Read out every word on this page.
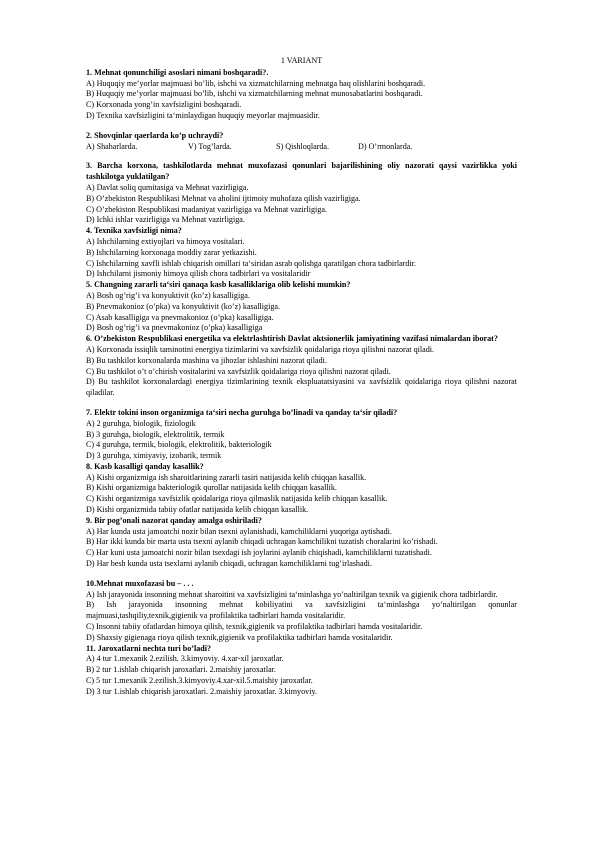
1 VARIANT

1. Mehnat qonunchiligi asoslari nimani boshqaradi?.
A) Huquqiy me’yorlar majmuasi bo’lib, ishchi va xizmatchilarning mehnatga haq olishlarini boshqaradi.
B) Huquqiy me’yorlar majmuasi bo’lib, ishchi va xizmatchilarning mehnat munosabatlarini boshqaradi.
C) Korxonada yong’in xavfsizligini boshqaradi.
D) Texnika xavfsizligini ta‘minlaydigan huquqiy meyorlar majmuasidir.
2. Shovqinlar qaerlarda ko’p uchraydi?
A) Shaharlarda.	V) Tog’larda.	S) Qishloqlarda.	D) O’rmonlarda.
3. Barcha korxona, tashkilotlarda mehnat muxofazasi qonunlari bajarilishining oliy nazorati qaysi vazirlikka yoki tashkilotga yuklatilgan?
A) Davlat soliq qumitasiga va Mehnat vazirligiga.
B) O’zbekiston Respublikasi Mehnat va aholini ijtimoiy muhofaza qilish vazirligiga.
C) O’zbekiston Respublikasi madaniyat vazirligiga va Mehnat vazirligiga.
D) Ichki ishlar vazirligiga va Mehnat vazirligiga.
4. Texnika xavfsizligi nima?
A) Ishchilarning extiyojlari va himoya vositalari.
B) Ishchilarning korxonaga moddiy zarar yetkazishi.
C) Ishchilarning xavfli ishlab chiqarish omillari ta‘siridan asrab qolishga qaratilgan chora tadbirlardir.
D) Ishchilarni jismoniy himoya qilish chora tadbirlari va vositalaridir
5. Changning zararli ta‘siri qanaqa kasb kasalliklariga olib kelishi mumkin?
A) Bosh og’rig’i va konyuktivit (ko’z) kasalligiga.
B) Pnevmakonioz (o’pka) va konyuktivit (ko’z) kasalligiga.
C) Asab kasalligiga va pnevmakonioz (o’pka) kasalligiga.
D) Bosh og’rig’i va pnevmakonioz (o’pka) kasalligiga
6. O’zbekiston Respublikasi energetika va elektrlashtirish Davlat aktsionerlik jamiyatining vazifasi nimalardan iborat?
A) Korxonada issiqlik taminotini energiya tizimlarini va xavfsizlik qoidalariga rioya qilishni nazorat qiladi.
B) Bu tashkilot korxonalarda mashina va jihozlar ishlashini nazorat qiladi.
C) Bu tashkilot o’t o’chirish vositalarini va xavfsizlik qoidalariga rioya qilishni nazorat qiladi.
D) Bu tashkilot korxonalardagi energiya tizimlarining texnik ekspluatatsiyasini va xavfsizlik qoidalariga rioya qilishni nazorat qiladilar.
7. Elektr tokini inson organizmiga ta‘siri necha guruhga bo’linadi va qanday ta‘sir qiladi?
A) 2 guruhga, biologik, fiziologik
B) 3 guruhga, biologik, elektrolitik, termik
C) 4 guruhga, termik, biologik, elektrolitik, bakteriologik
D) 3 guruhga, ximiyaviy, izobarik, termik
8. Kasb kasalligi qanday kasallik?
A) Kishi organizmiga ish sharoitlarining zararli tasiri natijasida kelib chiqqan kasallik.
B) Kishi organizmiga bakteriologik qurollar natijasida kelib chiqqan kasallik.
C) Kishi organizmiga xavfsizlik qoidalariga rioya qilmaslik natijasida kelib chiqqan kasallik.
D) Kishi organizmida tabiiy ofatlar natijasida kelib chiqqan kasallik.
9. Bir pog’onali nazorat qanday amalga oshiriladi?
A) Har kunda usta jamoatchi nozir bilan tsexni aylanishadi, kamchiliklarni yuqoriga aytishadi.
B) Har ikki kunda bir marta usta tsexni aylanib chiqadi uchragan kamchilikni tuzatish choralarini ko’rishadi.
C) Har kuni usta jamoatchi nozir bilan tsexdagi ish joylarini aylanib chiqishadi, kamchiliklarni tuzatishadi.
D) Har besh kunda usta tsexlarni aylanib chiqadi, uchragan kamchiliklarni tug’irlashadi.
10.Mehnat muxofazasi bu – . . .
A) Ish jarayonida insonning mehnat sharoitini va xavfsizligini ta‘minlashga yo’naltirilgan texnik va gigienik chora tadbirlardir.
B) Ish jarayonida insonning mehnat kobiliyatini va xavfsizligini ta‘minlashga yo’naltirilgan qonunlar majmuasi,tashqiliy,texnik,gigienik va profilaktika tadbirlari hamda vositalaridir.
C) Insonni tabiiy ofatlardan himoya qilish, texnik,gigienik va profilaktika tadbirlari hamda vositalaridir.
D) Shaxsiy gigienaga rioya qilish texnik,gigienik va profilaktika tadbirlari hamda vositalaridir.
11. Jaroxatlarni nechta turi bo’ladi?
A) 4 tur 1.mexanik 2.ezilish. 3.kimyoviy. 4.xar-xil jaroxatlar.
B) 2 tur 1.ishlab chiqarish jaroxatlari. 2.maishiy jaroxatlar.
C) 5 tur 1.mexanik 2.ezilish.3.kimyoviy.4.xar-xil.5.maishiy jaroxatlar.
D) 3 tur 1.ishlab chiqarish jaroxatlari. 2.maishiy jaroxatlar. 3.kimyoviy.
